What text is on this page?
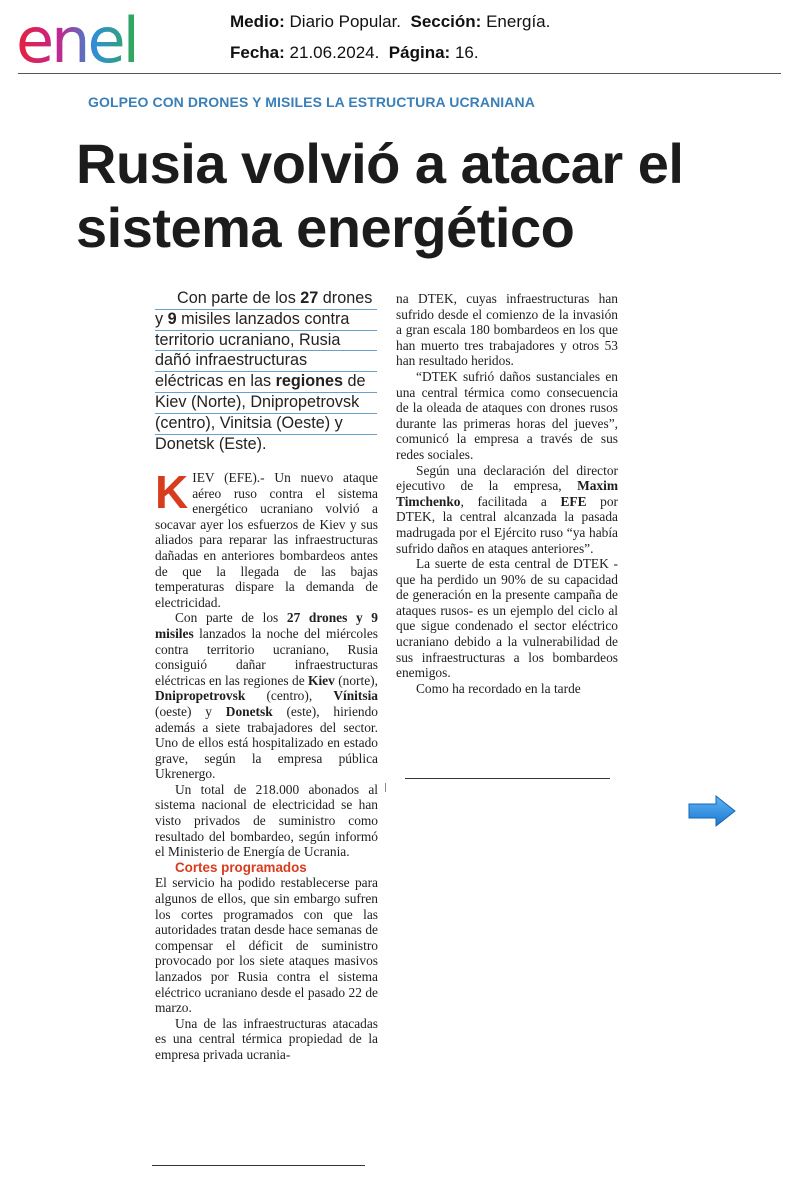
enel	Medio: Diario Popular. Sección: Energía.
Fecha: 21.06.2024. Página: 16.
GOLPEO CON DRONES Y MISILES LA ESTRUCTURA UCRANIANA
Rusia volvió a atacar el
sistema energético
Con parte de los 27 drones
y 9 misiles lanzados contra
territorio ucraniano, Rusia
dañó infraestructuras
eléctricas en las regiones de
Kiev (Norte), Dnipropetrovsk
(centro), Vinitsia (Oeste) y
Donetsk (Este).

KIEV (EFE).- Un nuevo ataque aéreo ruso contra el sistema energético ucraniano volvió a socavar ayer los esfuerzos de Kiev y sus aliados para reparar las infraestructuras dañadas en anteriores bombardeos antes de que la llegada de las bajas temperaturas dispare la demanda de electricidad.

Con parte de los 27 drones y 9 misiles lanzados la noche del miércoles contra territorio ucraniano, Rusia consiguió dañar infraestructuras eléctricas en las regiones de Kiev (norte), Dnipropetrovsk (centro), Vínitsia (oeste) y Donetsk (este), hiriendo además a siete trabajadores del sector. Uno de ellos está hospitalizado en estado grave, según la empresa pública Ukrenergo.

Un total de 218.000 abonados al sistema nacional de electricidad se han visto privados de suministro como resultado del bombardeo, según informó el Ministerio de Energía de Ucrania.

Cortes programados

El servicio ha podido restablecerse para algunos de ellos, que sin embargo sufren los cortes programados con que las autoridades tratan desde hace semanas de compensar el déficit de suministro provocado por los siete ataques masivos lanzados por Rusia contra el sistema eléctrico ucraniano desde el pasado 22 de marzo.

Una de las infraestructuras atacadas es una central térmica propiedad de la empresa privada ucrania-

na DTEK, cuyas infraestructuras han sufrido desde el comienzo de la invasión a gran escala 180 bombardeos en los que han muerto tres trabajadores y otros 53 han resultado heridos.

“DTEK sufrió daños sustanciales en una central térmica como consecuencia de la oleada de ataques con drones rusos durante las primeras horas del jueves”, comunicó la empresa a través de sus redes sociales.

Según una declaración del director ejecutivo de la empresa, Maxim Timchenko, facilitada a EFE por DTEK, la central alcanzada la pasada madrugada por el Ejército ruso “ya había sufrido daños en ataques anteriores”.

La suerte de esta central de DTEK -que ha perdido un 90% de su capacidad de generación en la presente campaña de ataques rusos- es un ejemplo del ciclo al que sigue condenado el sector eléctrico ucraniano debido a la vulnerabilidad de sus infraestructuras a los bombardeos enemigos.

Como ha recordado en la tarde
